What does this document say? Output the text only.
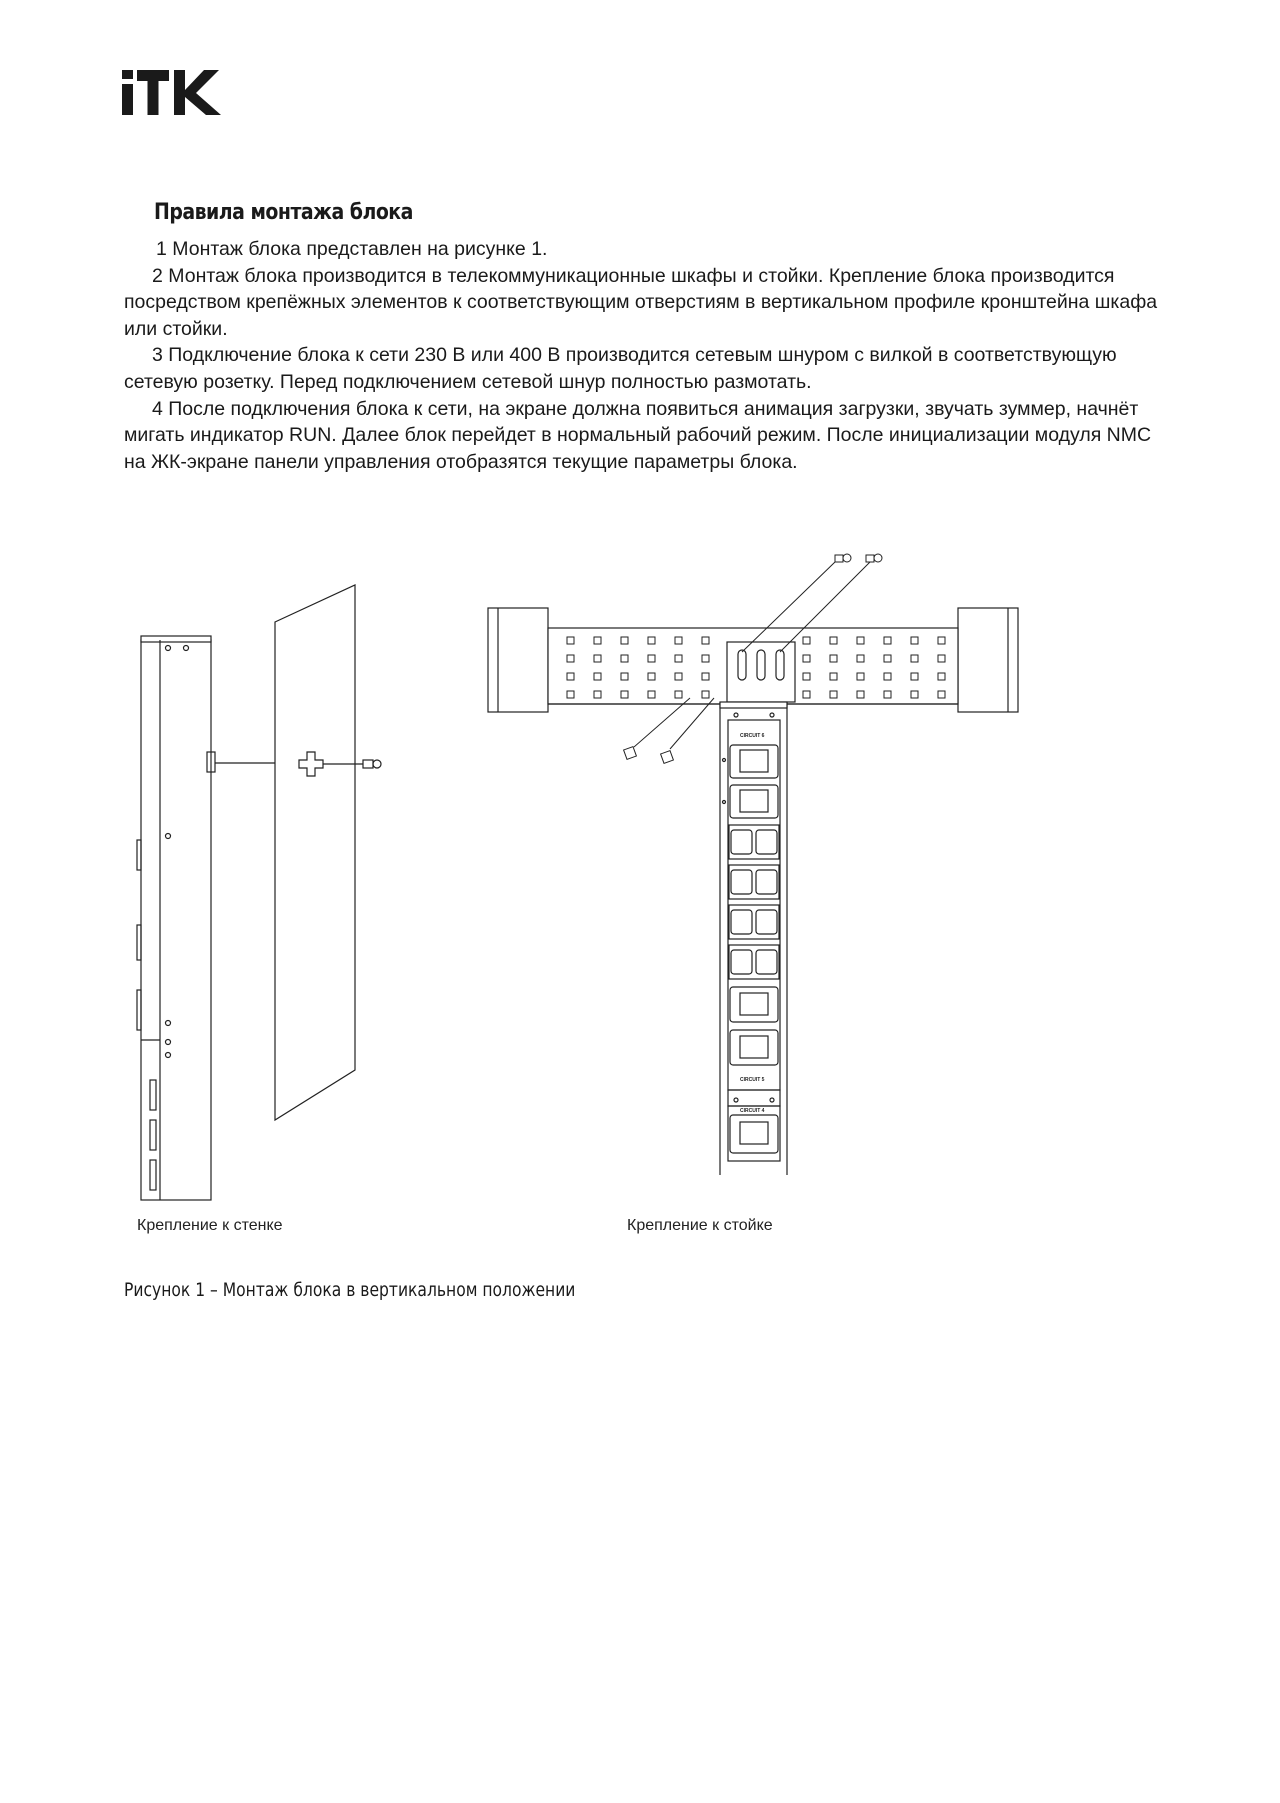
Правила монтажа блока

1 Монтаж блока представлен на рисунке 1.

2 Монтаж блока производится в телекоммуникационные шкафы и стойки. Крепление блока производится посредством крепёжных элементов к соответствующим отверстиям в вертикальном профиле кронштейна шкафа или стойки.

3 Подключение блока к сети 230 В или 400 В производится сетевым шнуром с вилкой в соответствующую сетевую розетку. Перед подключением сетевой шнур полностью размотать.

4 После подключения блока к сети, на экране должна появиться анимация загрузки, звучать зуммер, начнёт мигать индикатор RUN. Далее блок перейдет в нормальный рабочий режим. После инициализации модуля NMC на ЖК-экране панели управления отобразятся текущие параметры блока.

CIRCUIT 6
CIRCUIT 5
CIRCUIT 4
Крепление к стенке	Крепление к стойке

Рисунок 1 – Монтаж блока в вертикальном положении
